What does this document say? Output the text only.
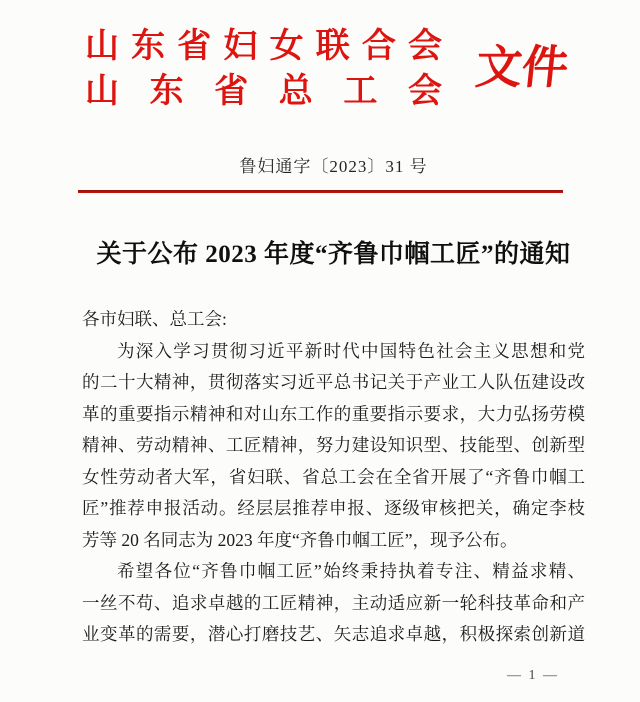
山东省妇女联合会
山东省总工会 文件
鲁妇通字〔2023〕31 号
关于公布 2023 年度“齐鲁巾帼工匠”的通知
各市妇联、总工会:
为深入学习贯彻习近平新时代中国特色社会主义思想和党
的二十大精神，贯彻落实习近平总书记关于产业工人队伍建设改
革的重要指示精神和对山东工作的重要指示要求，大力弘扬劳模
精神、劳动精神、工匠精神，努力建设知识型、技能型、创新型
女性劳动者大军，省妇联、省总工会在全省开展了“齐鲁巾帼工
匠”推荐申报活动。经层层推荐申报、逐级审核把关，确定李枝
芳等 20 名同志为 2023 年度“齐鲁巾帼工匠”，现予公布。
希望各位“齐鲁巾帼工匠”始终秉持执着专注、精益求精、
一丝不苟、追求卓越的工匠精神，主动适应新一轮科技革命和产
业变革的需要，潜心打磨技艺、矢志追求卓越，积极探索创新道
— 1 —
